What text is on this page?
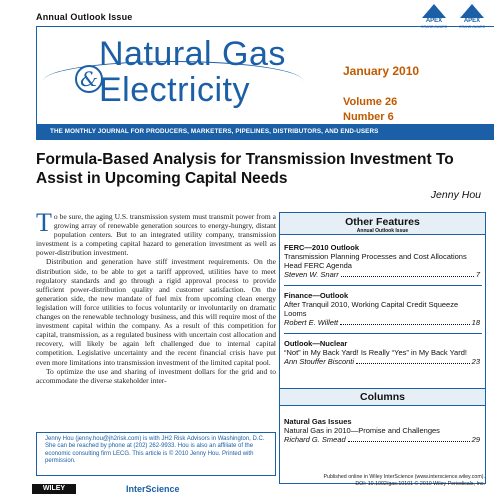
Annual Outlook Issue	APEX
GRAND AWARD
APEX
GRAND AWARD
Natural Gas
& Electricity	January 2010
Volume 26
Number 6
THE MONTHLY JOURNAL FOR PRODUCERS, MARKETERS, PIPELINES, DISTRIBUTORS, AND END-USERS
Formula-Based Analysis for Transmission Investment To Assist in Upcoming Capital Needs
Jenny Hou

To be sure, the aging U.S. transmission system must transmit power from a growing array of renewable generation sources to energy-hungry, distant population centers. But to an integrated utility company, transmission investment is a competing capital hazard to generation investment as well as power-distribution investment.

Distribution and generation have stiff investment requirements. On the distribution side, to be able to get a tariff approved, utilities have to meet regulatory standards and go through a rigid approval process to provide sufficient power-distribution quality and customer satisfaction. On the generation side, the new mandate of fuel mix from upcoming clean energy legislation will force utilities to focus voluntarily or involuntarily on dramatic changes on the renewable technology business, and this will require most of the investment capital within the company. As a result of this competition for capital, transmission, as a regulated business with uncertain cost allocation and recovery, will likely be again left challenged due to internal capital competition. Legislative uncertainty and the recent financial crisis have put even more limitations into transmission investment of the limited capital pool.

To optimize the use and sharing of investment dollars for the grid and to accommodate the diverse stakeholder inter-

Jenny Hou (jenny.hou@jh2risk.com) is with JH2 Risk Advisors in Washington, D.C. She can be reached by phone at (202) 262-9933. Hou is also an affiliate of the economic consulting firm LECG. This article is © 2010 Jenny Hou. Printed with permission.
Other Features
Annual Outlook Issue
FERC—2010 Outlook
Transmission Planning Processes and Cost Allocations Head FERC Agenda
Steven W. Snarr	7
Finance—Outlook
After Tranquil 2010, Working Capital Credit Squeeze Looms
Robert E. Willett	18
Outlook—Nuclear
“Not” in My Back Yard! Is Really “Yes” in My Back Yard!
Ann Stouffer Bisconti	23
Columns
Natural Gas Issues
Natural Gas in 2010—Promise and Challenges
Richard G. Smead	29
WILEY	InterScience
Published online in Wiley InterScience (www.interscience.wiley.com).
DOI: 10.1002/gas.10101 © 2010 Wiley Periodicals, Inc.
